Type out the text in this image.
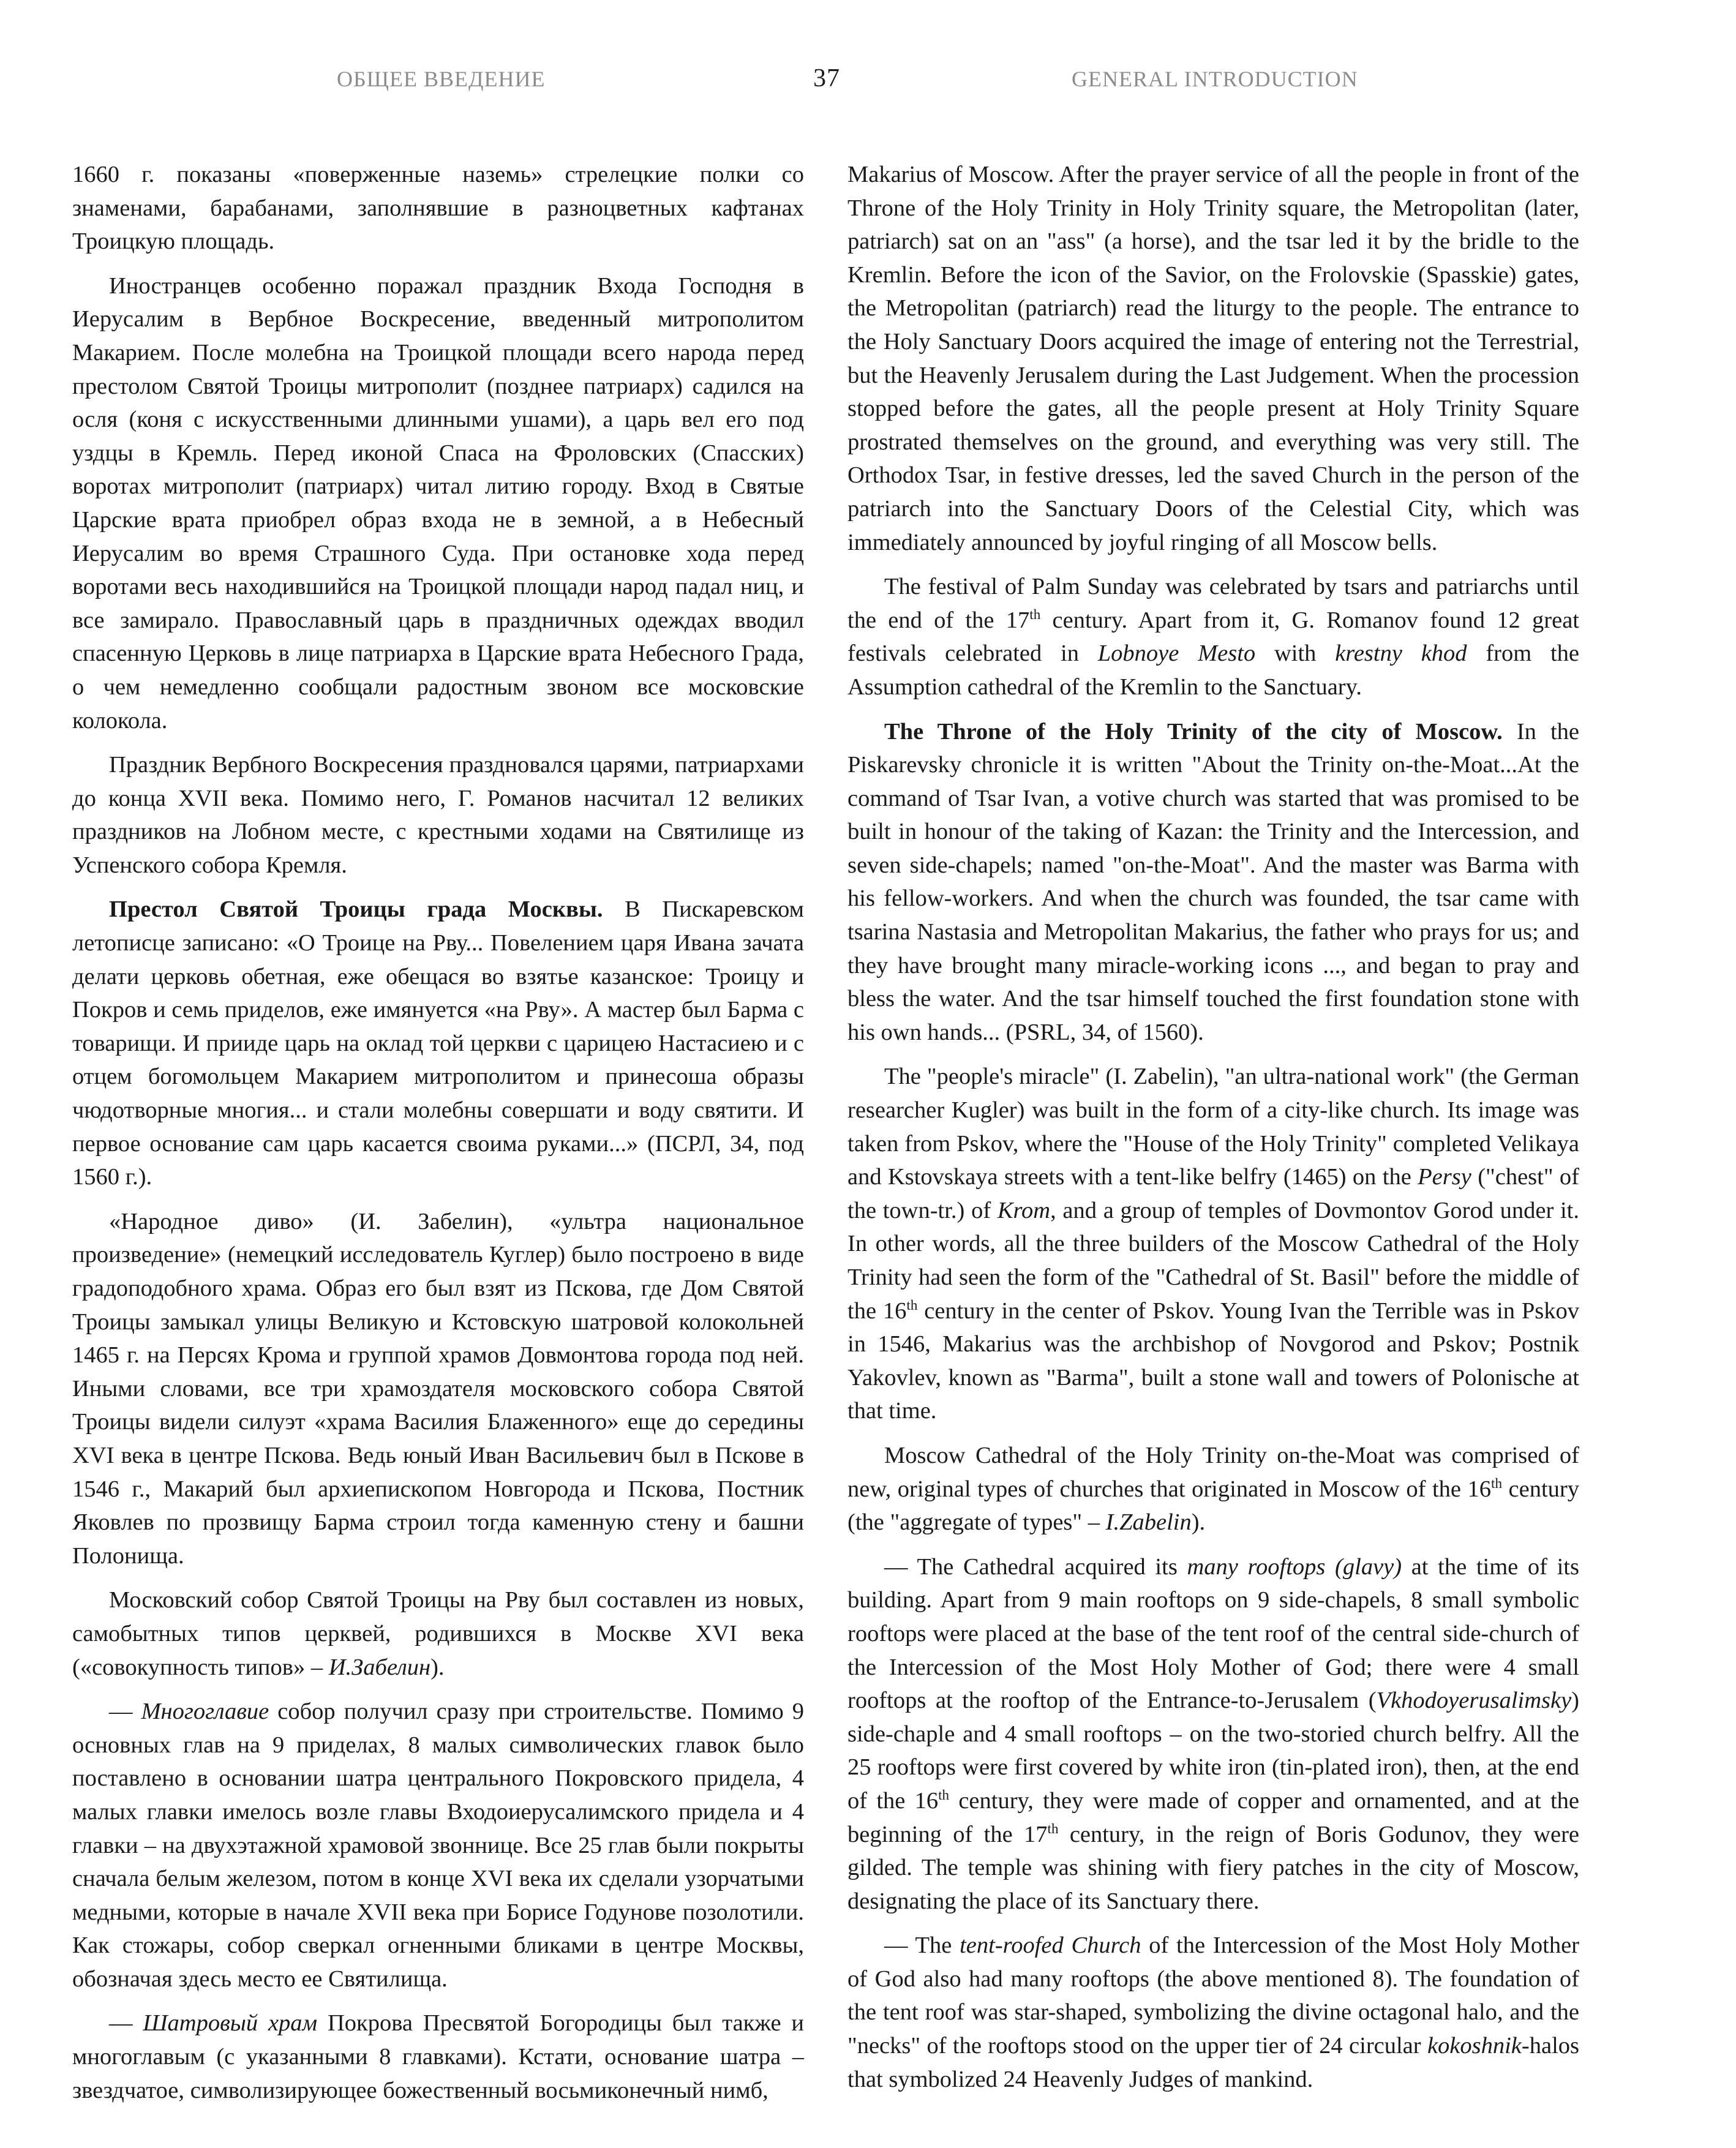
ОБЩЕЕ ВВЕДЕНИЕ	37	GENERAL INTRODUCTION

1660 г. показаны «поверженные наземь» стрелецкие полки со знаменами, барабанами, заполнявшие в разноцветных кафтанах Троицкую площадь.

Иностранцев особенно поражал праздник Входа Господня в Иерусалим в Вербное Воскресение, введенный митрополитом Макарием. После молебна на Троицкой площади всего народа перед престолом Святой Троицы митрополит (позднее патриарх) садился на осля (коня с искусственными длинными ушами), а царь вел его под уздцы в Кремль. Перед иконой Спаса на Фроловских (Спасских) воротах митрополит (патриарх) читал литию городу. Вход в Святые Царские врата приобрел образ входа не в земной, а в Небесный Иерусалим во время Страшного Суда. При остановке хода перед воротами весь находившийся на Троицкой площади народ падал ниц, и все замирало. Православный царь в праздничных одеждах вводил спасенную Церковь в лице патриарха в Царские врата Небесного Града, о чем немедленно сообщали радостным звоном все московские колокола.

Праздник Вербного Воскресения праздновался царями, патриархами до конца XVII века. Помимо него, Г. Романов насчитал 12 великих праздников на Лобном месте, с крестными ходами на Святилище из Успенского собора Кремля.

Престол Святой Троицы града Москвы. В Пискаревском летописце записано: «О Троице на Рву... Повелением царя Ивана зачата делати церковь обетная, еже обещася во взятье казанское: Троицу и Покров и семь приделов, еже имянуется «на Рву». А мастер был Барма с товарищи. И прииде царь на оклад той церкви с царицею Настасиею и с отцем богомольцем Макарием митрополитом и принесоша образы чюдотворные многия... и стали молебны совершати и воду святити. И первое основание сам царь касается своима руками...» (ПСРЛ, 34, под 1560 г.).

«Народное диво» (И. Забелин), «ультра национальное произведение» (немецкий исследователь Куглер) было построено в виде градоподобного храма. Образ его был взят из Пскова, где Дом Святой Троицы замыкал улицы Великую и Кстовскую шатровой колокольней 1465 г. на Персях Крома и группой храмов Довмонтова города под ней. Иными словами, все три храмоздателя московского собора Святой Троицы видели силуэт «храма Василия Блаженного» еще до середины XVI века в центре Пскова. Ведь юный Иван Васильевич был в Пскове в 1546 г., Макарий был архиепископом Новгорода и Пскова, Постник Яковлев по прозвищу Барма строил тогда каменную стену и башни Полонища.

Московский собор Святой Троицы на Рву был составлен из новых, самобытных типов церквей, родившихся в Москве XVI века («совокупность типов» – И.Забелин).

— Многоглавие собор получил сразу при строительстве. Помимо 9 основных глав на 9 приделах, 8 малых символических главок было поставлено в основании шатра центрального Покровского придела, 4 малых главки имелось возле главы Входоиерусалимского придела и 4 главки – на двухэтажной храмовой звоннице. Все 25 глав были покрыты сначала белым железом, потом в конце XVI века их сделали узорчатыми медными, которые в начале XVII века при Борисе Годунове позолотили. Как стожары, собор сверкал огненными бликами в центре Москвы, обозначая здесь место ее Святилища.

— Шатровый храм Покрова Пресвятой Богородицы был также и многоглавым (с указанными 8 главками). Кстати, основание шатра – звездчатое, символизирующее божественный восьмиконечный нимб,

Makarius of Moscow. After the prayer service of all the people in front of the Throne of the Holy Trinity in Holy Trinity square, the Metropolitan (later, patriarch) sat on an "ass" (a horse), and the tsar led it by the bridle to the Kremlin. Before the icon of the Savior, on the Frolovskie (Spasskie) gates, the Metropolitan (patriarch) read the liturgy to the people. The entrance to the Holy Sanctuary Doors acquired the image of entering not the Terrestrial, but the Heavenly Jerusalem during the Last Judgement. When the procession stopped before the gates, all the people present at Holy Trinity Square prostrated themselves on the ground, and everything was very still. The Orthodox Tsar, in festive dresses, led the saved Church in the person of the patriarch into the Sanctuary Doors of the Celestial City, which was immediately announced by joyful ringing of all Moscow bells.

The festival of Palm Sunday was celebrated by tsars and patriarchs until the end of the 17th century. Apart from it, G. Romanov found 12 great festivals celebrated in Lobnoye Mesto with krestny khod from the Assumption cathedral of the Kremlin to the Sanctuary.

The Throne of the Holy Trinity of the city of Moscow. In the Piskarevsky chronicle it is written "About the Trinity on-the-Moat...At the command of Tsar Ivan, a votive church was started that was promised to be built in honour of the taking of Kazan: the Trinity and the Intercession, and seven side-chapels; named "on-the-Moat". And the master was Barma with his fellow-workers. And when the church was founded, the tsar came with tsarina Nastasia and Metropolitan Makarius, the father who prays for us; and they have brought many miracle-working icons ..., and began to pray and bless the water. And the tsar himself touched the first foundation stone with his own hands... (PSRL, 34, of 1560).

The "people's miracle" (I. Zabelin), "an ultra-national work" (the German researcher Kugler) was built in the form of a city-like church. Its image was taken from Pskov, where the "House of the Holy Trinity" completed Velikaya and Kstovskaya streets with a tent-like belfry (1465) on the Persy ("chest" of the town-tr.) of Krom, and a group of temples of Dovmontov Gorod under it. In other words, all the three builders of the Moscow Cathedral of the Holy Trinity had seen the form of the "Cathedral of St. Basil" before the middle of the 16th century in the center of Pskov. Young Ivan the Terrible was in Pskov in 1546, Makarius was the archbishop of Novgorod and Pskov; Postnik Yakovlev, known as "Barma", built a stone wall and towers of Polonische at that time.

Moscow Cathedral of the Holy Trinity on-the-Moat was comprised of new, original types of churches that originated in Moscow of the 16th century (the "aggregate of types" – I.Zabelin).

— The Cathedral acquired its many rooftops (glavy) at the time of its building. Apart from 9 main rooftops on 9 side-chapels, 8 small symbolic rooftops were placed at the base of the tent roof of the central side-church of the Intercession of the Most Holy Mother of God; there were 4 small rooftops at the rooftop of the Entrance-to-Jerusalem (Vkhodoyerusalimsky) side-chaple and 4 small rooftops – on the two-storied church belfry. All the 25 rooftops were first covered by white iron (tin-plated iron), then, at the end of the 16th century, they were made of copper and ornamented, and at the beginning of the 17th century, in the reign of Boris Godunov, they were gilded. The temple was shining with fiery patches in the city of Moscow, designating the place of its Sanctuary there.

— The tent-roofed Church of the Intercession of the Most Holy Mother of God also had many rooftops (the above mentioned 8). The foundation of the tent roof was star-shaped, symbolizing the divine octagonal halo, and the "necks" of the rooftops stood on the upper tier of 24 circular kokoshnik-halos that symbolized 24 Heavenly Judges of mankind.
